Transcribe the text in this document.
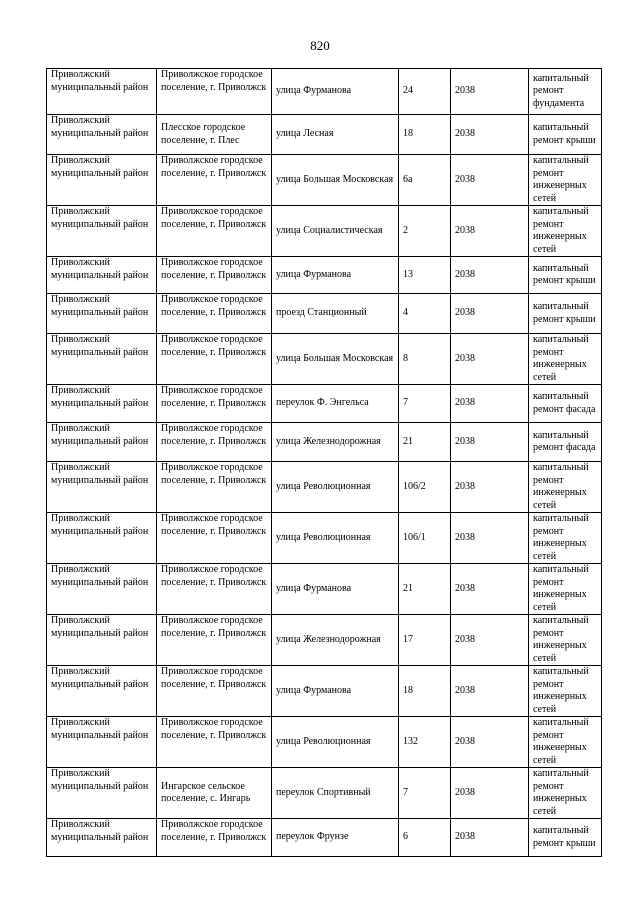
820
Приволжский муниципальный район	Приволжское городское поселение, г. Приволжск	улица Фурманова	24	2038	капитальный ремонт фундамента
Приволжский муниципальный район	Плесское городское поселение, г. Плес	улица Лесная	18	2038	капитальный ремонт крыши
Приволжский муниципальный район	Приволжское городское поселение, г. Приволжск	улица Большая Московская	6а	2038	капитальный ремонт инженерных сетей
Приволжский муниципальный район	Приволжское городское поселение, г. Приволжск	улица Социалистическая	2	2038	капитальный ремонт инженерных сетей
Приволжский муниципальный район	Приволжское городское поселение, г. Приволжск	улица Фурманова	13	2038	капитальный ремонт крыши
Приволжский муниципальный район	Приволжское городское поселение, г. Приволжск	проезд Станционный	4	2038	капитальный ремонт крыши
Приволжский муниципальный район	Приволжское городское поселение, г. Приволжск	улица Большая Московская	8	2038	капитальный ремонт инженерных сетей
Приволжский муниципальный район	Приволжское городское поселение, г. Приволжск	переулок Ф. Энгельса	7	2038	капитальный ремонт фасада
Приволжский муниципальный район	Приволжское городское поселение, г. Приволжск	улица Железнодорожная	21	2038	капитальный ремонт фасада
Приволжский муниципальный район	Приволжское городское поселение, г. Приволжск	улица Революционная	106/2	2038	капитальный ремонт инженерных сетей
Приволжский муниципальный район	Приволжское городское поселение, г. Приволжск	улица Революционная	106/1	2038	капитальный ремонт инженерных сетей
Приволжский муниципальный район	Приволжское городское поселение, г. Приволжск	улица Фурманова	21	2038	капитальный ремонт инженерных сетей
Приволжский муниципальный район	Приволжское городское поселение, г. Приволжск	улица Железнодорожная	17	2038	капитальный ремонт инженерных сетей
Приволжский муниципальный район	Приволжское городское поселение, г. Приволжск	улица Фурманова	18	2038	капитальный ремонт инженерных сетей
Приволжский муниципальный район	Приволжское городское поселение, г. Приволжск	улица Революционная	132	2038	капитальный ремонт инженерных сетей
Приволжский муниципальный район	Ингарское сельское поселение, с. Ингарь	переулок Спортивный	7	2038	капитальный ремонт инженерных сетей
Приволжский муниципальный район	Приволжское городское поселение, г. Приволжск	переулок Фрунзе	6	2038	капитальный ремонт крыши
